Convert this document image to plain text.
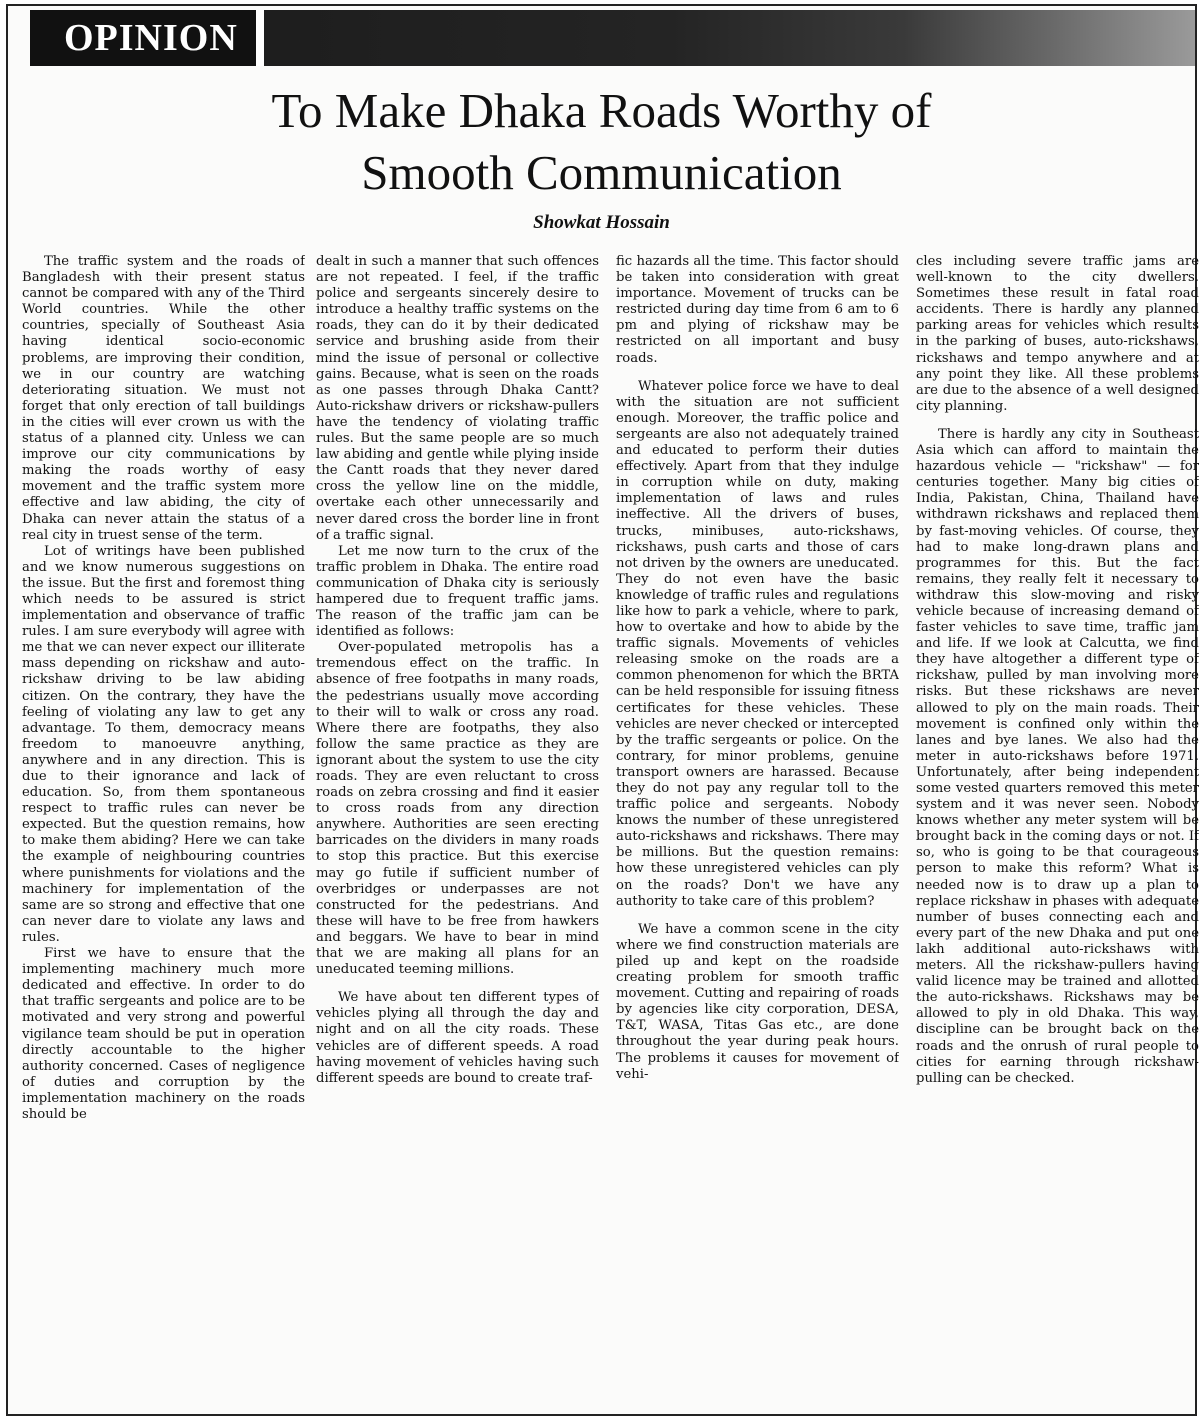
OPINION
To Make Dhaka Roads Worthy of
Smooth Communication
Showkat Hossain

The traffic system and the roads of Bangladesh with their present status cannot be compared with any of the Third World countries. While the other countries, specially of Southeast Asia having identical socio-economic problems, are improving their condition, we in our country are watching deteriorating situation. We must not forget that only erection of tall buildings in the cities will ever crown us with the status of a planned city. Unless we can improve our city communications by making the roads worthy of easy movement and the traffic system more effective and law abiding, the city of Dhaka can never attain the status of a real city in truest sense of the term.

Lot of writings have been published and we know numerous suggestions on the issue. But the first and foremost thing which needs to be assured is strict implementation and observance of traffic rules. I am sure everybody will agree with me that we can never expect our illiterate mass depending on rickshaw and auto-rickshaw driving to be law abiding citizen. On the contrary, they have the feeling of violating any law to get any advantage. To them, democracy means freedom to manoeuvre anything, anywhere and in any direction. This is due to their ignorance and lack of education. So, from them spontaneous respect to traffic rules can never be expected. But the question remains, how to make them abiding? Here we can take the example of neighbouring countries where punishments for violations and the machinery for implementation of the same are so strong and effective that one can never dare to violate any laws and rules.

First we have to ensure that the implementing machinery much more dedicated and effective. In order to do that traffic sergeants and police are to be motivated and very strong and powerful vigilance team should be put in operation directly accountable to the higher authority concerned. Cases of negligence of duties and corruption by the implementation machinery on the roads should be

dealt in such a manner that such offences are not repeated. I feel, if the traffic police and sergeants sincerely desire to introduce a healthy traffic systems on the roads, they can do it by their dedicated service and brushing aside from their mind the issue of personal or collective gains. Because, what is seen on the roads as one passes through Dhaka Cantt? Auto-rickshaw drivers or rickshaw-pullers have the tendency of violating traffic rules. But the same people are so much law abiding and gentle while plying inside the Cantt roads that they never dared cross the yellow line on the middle, overtake each other unnecessarily and never dared cross the border line in front of a traffic signal.

Let me now turn to the crux of the traffic problem in Dhaka. The entire road communication of Dhaka city is seriously hampered due to frequent traffic jams. The reason of the traffic jam can be identified as follows:

Over-populated metropolis has a tremendous effect on the traffic. In absence of free footpaths in many roads, the pedestrians usually move according to their will to walk or cross any road. Where there are footpaths, they also follow the same practice as they are ignorant about the system to use the city roads. They are even reluctant to cross roads on zebra crossing and find it easier to cross roads from any direction anywhere. Authorities are seen erecting barricades on the dividers in many roads to stop this practice. But this exercise may go futile if sufficient number of overbridges or underpasses are not constructed for the pedestrians. And these will have to be free from hawkers and beggars. We have to bear in mind that we are making all plans for an uneducated teeming millions.

We have about ten different types of vehicles plying all through the day and night and on all the city roads. These vehicles are of different speeds. A road having movement of vehicles having such different speeds are bound to create traf-

fic hazards all the time. This factor should be taken into consideration with great importance. Movement of trucks can be restricted during day time from 6 am to 6 pm and plying of rickshaw may be restricted on all important and busy roads.

Whatever police force we have to deal with the situation are not sufficient enough. Moreover, the traffic police and sergeants are also not adequately trained and educated to perform their duties effectively. Apart from that they indulge in corruption while on duty, making implementation of laws and rules ineffective. All the drivers of buses, trucks, minibuses, auto-rickshaws, rickshaws, push carts and those of cars not driven by the owners are uneducated. They do not even have the basic knowledge of traffic rules and regulations like how to park a vehicle, where to park, how to overtake and how to abide by the traffic signals. Movements of vehicles releasing smoke on the roads are a common phenomenon for which the BRTA can be held responsible for issuing fitness certificates for these vehicles. These vehicles are never checked or intercepted by the traffic sergeants or police. On the contrary, for minor problems, genuine transport owners are harassed. Because they do not pay any regular toll to the traffic police and sergeants. Nobody knows the number of these unregistered auto-rickshaws and rickshaws. There may be millions. But the question remains: how these unregistered vehicles can ply on the roads? Don't we have any authority to take care of this problem?

We have a common scene in the city where we find construction materials are piled up and kept on the roadside creating problem for smooth traffic movement. Cutting and repairing of roads by agencies like city corporation, DESA, T&T, WASA, Titas Gas etc., are done throughout the year during peak hours. The problems it causes for movement of vehi-

cles including severe traffic jams are well-known to the city dwellers. Sometimes these result in fatal road accidents. There is hardly any planned parking areas for vehicles which results in the parking of buses, auto-rickshaws, rickshaws and tempo anywhere and at any point they like. All these problems are due to the absence of a well designed city planning.

There is hardly any city in Southeast Asia which can afford to maintain the hazardous vehicle — "rickshaw" — for centuries together. Many big cities of India, Pakistan, China, Thailand have withdrawn rickshaws and replaced them by fast-moving vehicles. Of course, they had to make long-drawn plans and programmes for this. But the fact remains, they really felt it necessary to withdraw this slow-moving and risky vehicle because of increasing demand of faster vehicles to save time, traffic jam and life. If we look at Calcutta, we find they have altogether a different type of rickshaw, pulled by man involving more risks. But these rickshaws are never allowed to ply on the main roads. Their movement is confined only within the lanes and bye lanes. We also had the meter in auto-rickshaws before 1971. Unfortunately, after being independent some vested quarters removed this meter system and it was never seen. Nobody knows whether any meter system will be brought back in the coming days or not. If so, who is going to be that courageous person to make this reform? What is needed now is to draw up a plan to replace rickshaw in phases with adequate number of buses connecting each and every part of the new Dhaka and put one lakh additional auto-rickshaws with meters. All the rickshaw-pullers having valid licence may be trained and allotted the auto-rickshaws. Rickshaws may be allowed to ply in old Dhaka. This way, discipline can be brought back on the roads and the onrush of rural people to cities for earning through rickshaw-pulling can be checked.
